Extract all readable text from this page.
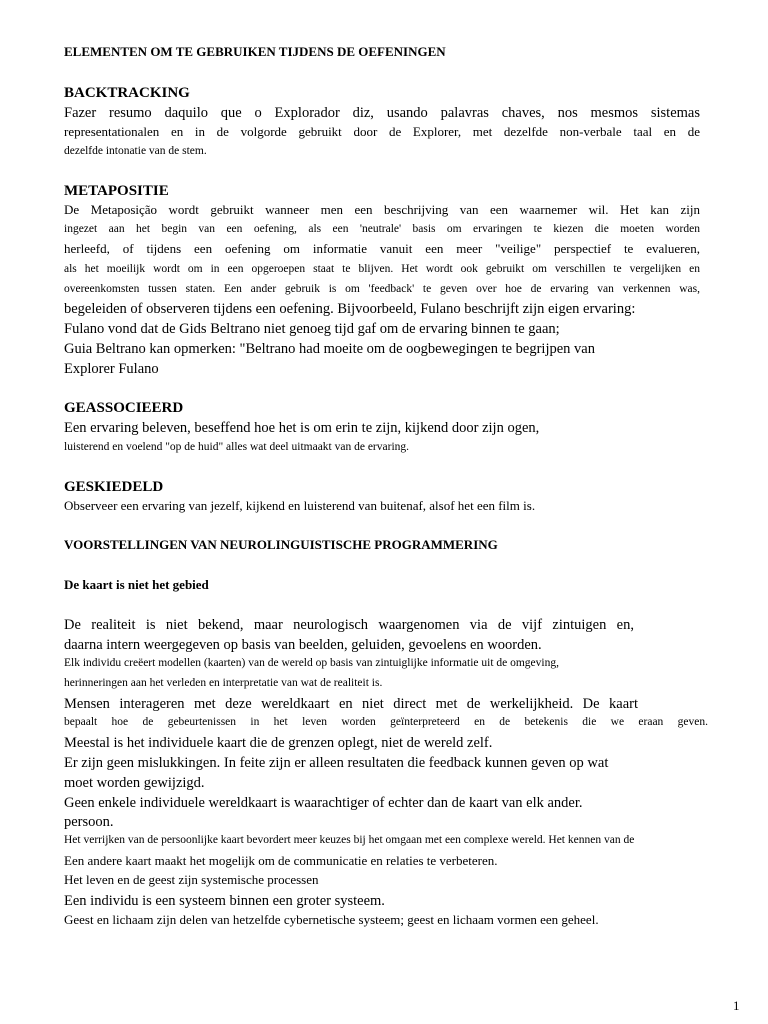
ELEMENTEN OM TE GEBRUIKEN TIJDENS DE OEFENINGEN

BACKTRACKING

Fazer resumo daquilo que o Explorador diz, usando palavras chaves, nos mesmos sistemas

representationalen en in de volgorde gebruikt door de Explorer, met dezelfde non-verbale taal en de

dezelfde intonatie van de stem.

METAPOSITIE

De Metaposição wordt gebruikt wanneer men een beschrijving van een waarnemer wil. Het kan zijn

ingezet aan het begin van een oefening, als een 'neutrale' basis om ervaringen te kiezen die moeten worden

herleefd, of tijdens een oefening om informatie vanuit een meer "veilige" perspectief te evalueren,

als het moeilijk wordt om in een opgeroepen staat te blijven. Het wordt ook gebruikt om verschillen te vergelijken en

overeenkomsten tussen staten. Een ander gebruik is om 'feedback' te geven over hoe de ervaring van verkennen was,

begeleiden of observeren tijdens een oefening. Bijvoorbeeld, Fulano beschrijft zijn eigen ervaring:

Fulano vond dat de Gids Beltrano niet genoeg tijd gaf om de ervaring binnen te gaan;

Guia Beltrano kan opmerken: "Beltrano had moeite om de oogbewegingen te begrijpen van

Explorer Fulano

GEASSOCIEERD

Een ervaring beleven, beseffend hoe het is om erin te zijn, kijkend door zijn ogen,

luisterend en voelend "op de huid" alles wat deel uitmaakt van de ervaring.

GESKIEDELD

Observeer een ervaring van jezelf, kijkend en luisterend van buitenaf, alsof het een film is.

VOORSTELLINGEN VAN NEUROLINGUISTISCHE PROGRAMMERING

De kaart is niet het gebied

De realiteit is niet bekend, maar neurologisch waargenomen via de vijf zintuigen en,

daarna intern weergegeven op basis van beelden, geluiden, gevoelens en woorden.

Elk individu creëert modellen (kaarten) van de wereld op basis van zintuiglijke informatie uit de omgeving,

herinneringen aan het verleden en interpretatie van wat de realiteit is.

Mensen interageren met deze wereldkaart en niet direct met de werkelijkheid. De kaart

bepaalt hoe de gebeurtenissen in het leven worden geïnterpreteerd en de betekenis die we eraan geven.

Meestal is het individuele kaart die de grenzen oplegt, niet de wereld zelf.

Er zijn geen mislukkingen. In feite zijn er alleen resultaten die feedback kunnen geven op wat

moet worden gewijzigd.

Geen enkele individuele wereldkaart is waarachtiger of echter dan de kaart van elk ander.

persoon.

Het verrijken van de persoonlijke kaart bevordert meer keuzes bij het omgaan met een complexe wereld. Het kennen van de

Een andere kaart maakt het mogelijk om de communicatie en relaties te verbeteren.

Het leven en de geest zijn systemische processen

Een individu is een systeem binnen een groter systeem.

Geest en lichaam zijn delen van hetzelfde cybernetische systeem; geest en lichaam vormen een geheel.

1
